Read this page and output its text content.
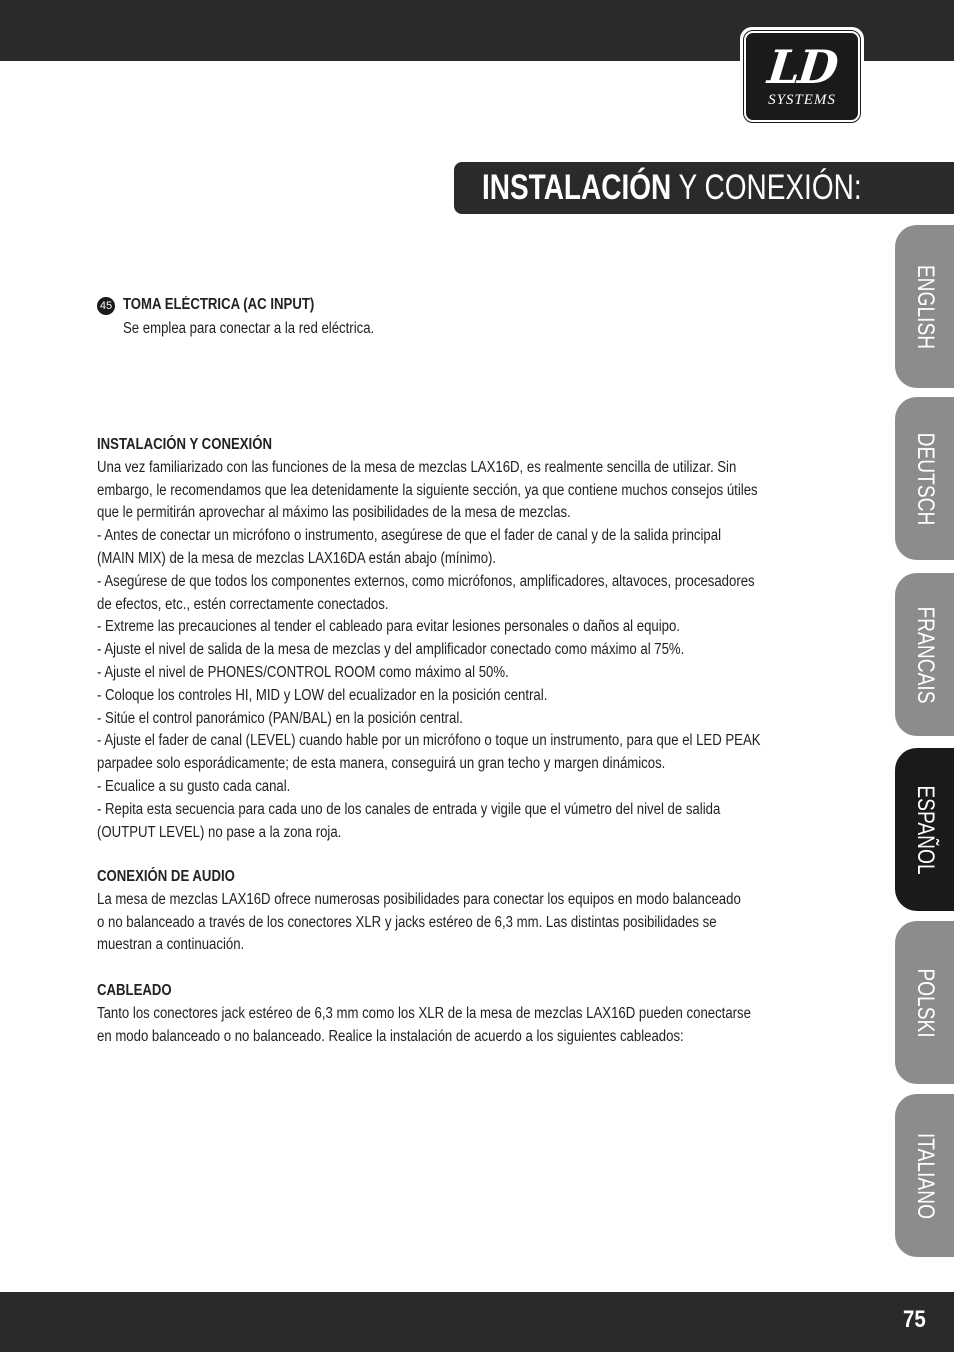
LD
SYSTEMS
INSTALACIÓN Y CONEXIÓN:
ENGLISH
DEUTSCH
FRANCAIS
ESPAÑOL
POLSKI
ITALIANO
45 TOMA ELÉCTRICA (AC INPUT)
Se emplea para conectar a la red eléctrica.
INSTALACIÓN Y CONEXIÓN
Una vez familiarizado con las funciones de la mesa de mezclas LAX16D, es realmente sencilla de utilizar. Sin
embargo, le recomendamos que lea detenidamente la siguiente sección, ya que contiene muchos consejos útiles
que le permitirán aprovechar al máximo las posibilidades de la mesa de mezclas.
- Antes de conectar un micrófono o instrumento, asegúrese de que el fader de canal y de la salida principal
(MAIN MIX) de la mesa de mezclas LAX16DA están abajo (mínimo).
- Asegúrese de que todos los componentes externos, como micrófonos, amplificadores, altavoces, procesadores
de efectos, etc., estén correctamente conectados.
- Extreme las precauciones al tender el cableado para evitar lesiones personales o daños al equipo.
- Ajuste el nivel de salida de la mesa de mezclas y del amplificador conectado como máximo al 75%.
- Ajuste el nivel de PHONES/CONTROL ROOM como máximo al 50%.
- Coloque los controles HI, MID y LOW del ecualizador en la posición central.
- Sitúe el control panorámico (PAN/BAL) en la posición central.
- Ajuste el fader de canal (LEVEL) cuando hable por un micrófono o toque un instrumento, para que el LED PEAK
parpadee solo esporádicamente; de esta manera, conseguirá un gran techo y margen dinámicos.
- Ecualice a su gusto cada canal.
- Repita esta secuencia para cada uno de los canales de entrada y vigile que el vúmetro del nivel de salida
(OUTPUT LEVEL) no pase a la zona roja.
CONEXIÓN DE AUDIO
La mesa de mezclas LAX16D ofrece numerosas posibilidades para conectar los equipos en modo balanceado
o no balanceado a través de los conectores XLR y jacks estéreo de 6,3 mm. Las distintas posibilidades se
muestran a continuación.
CABLEADO
Tanto los conectores jack estéreo de 6,3 mm como los XLR de la mesa de mezclas LAX16D pueden conectarse
en modo balanceado o no balanceado. Realice la instalación de acuerdo a los siguientes cableados:
75
